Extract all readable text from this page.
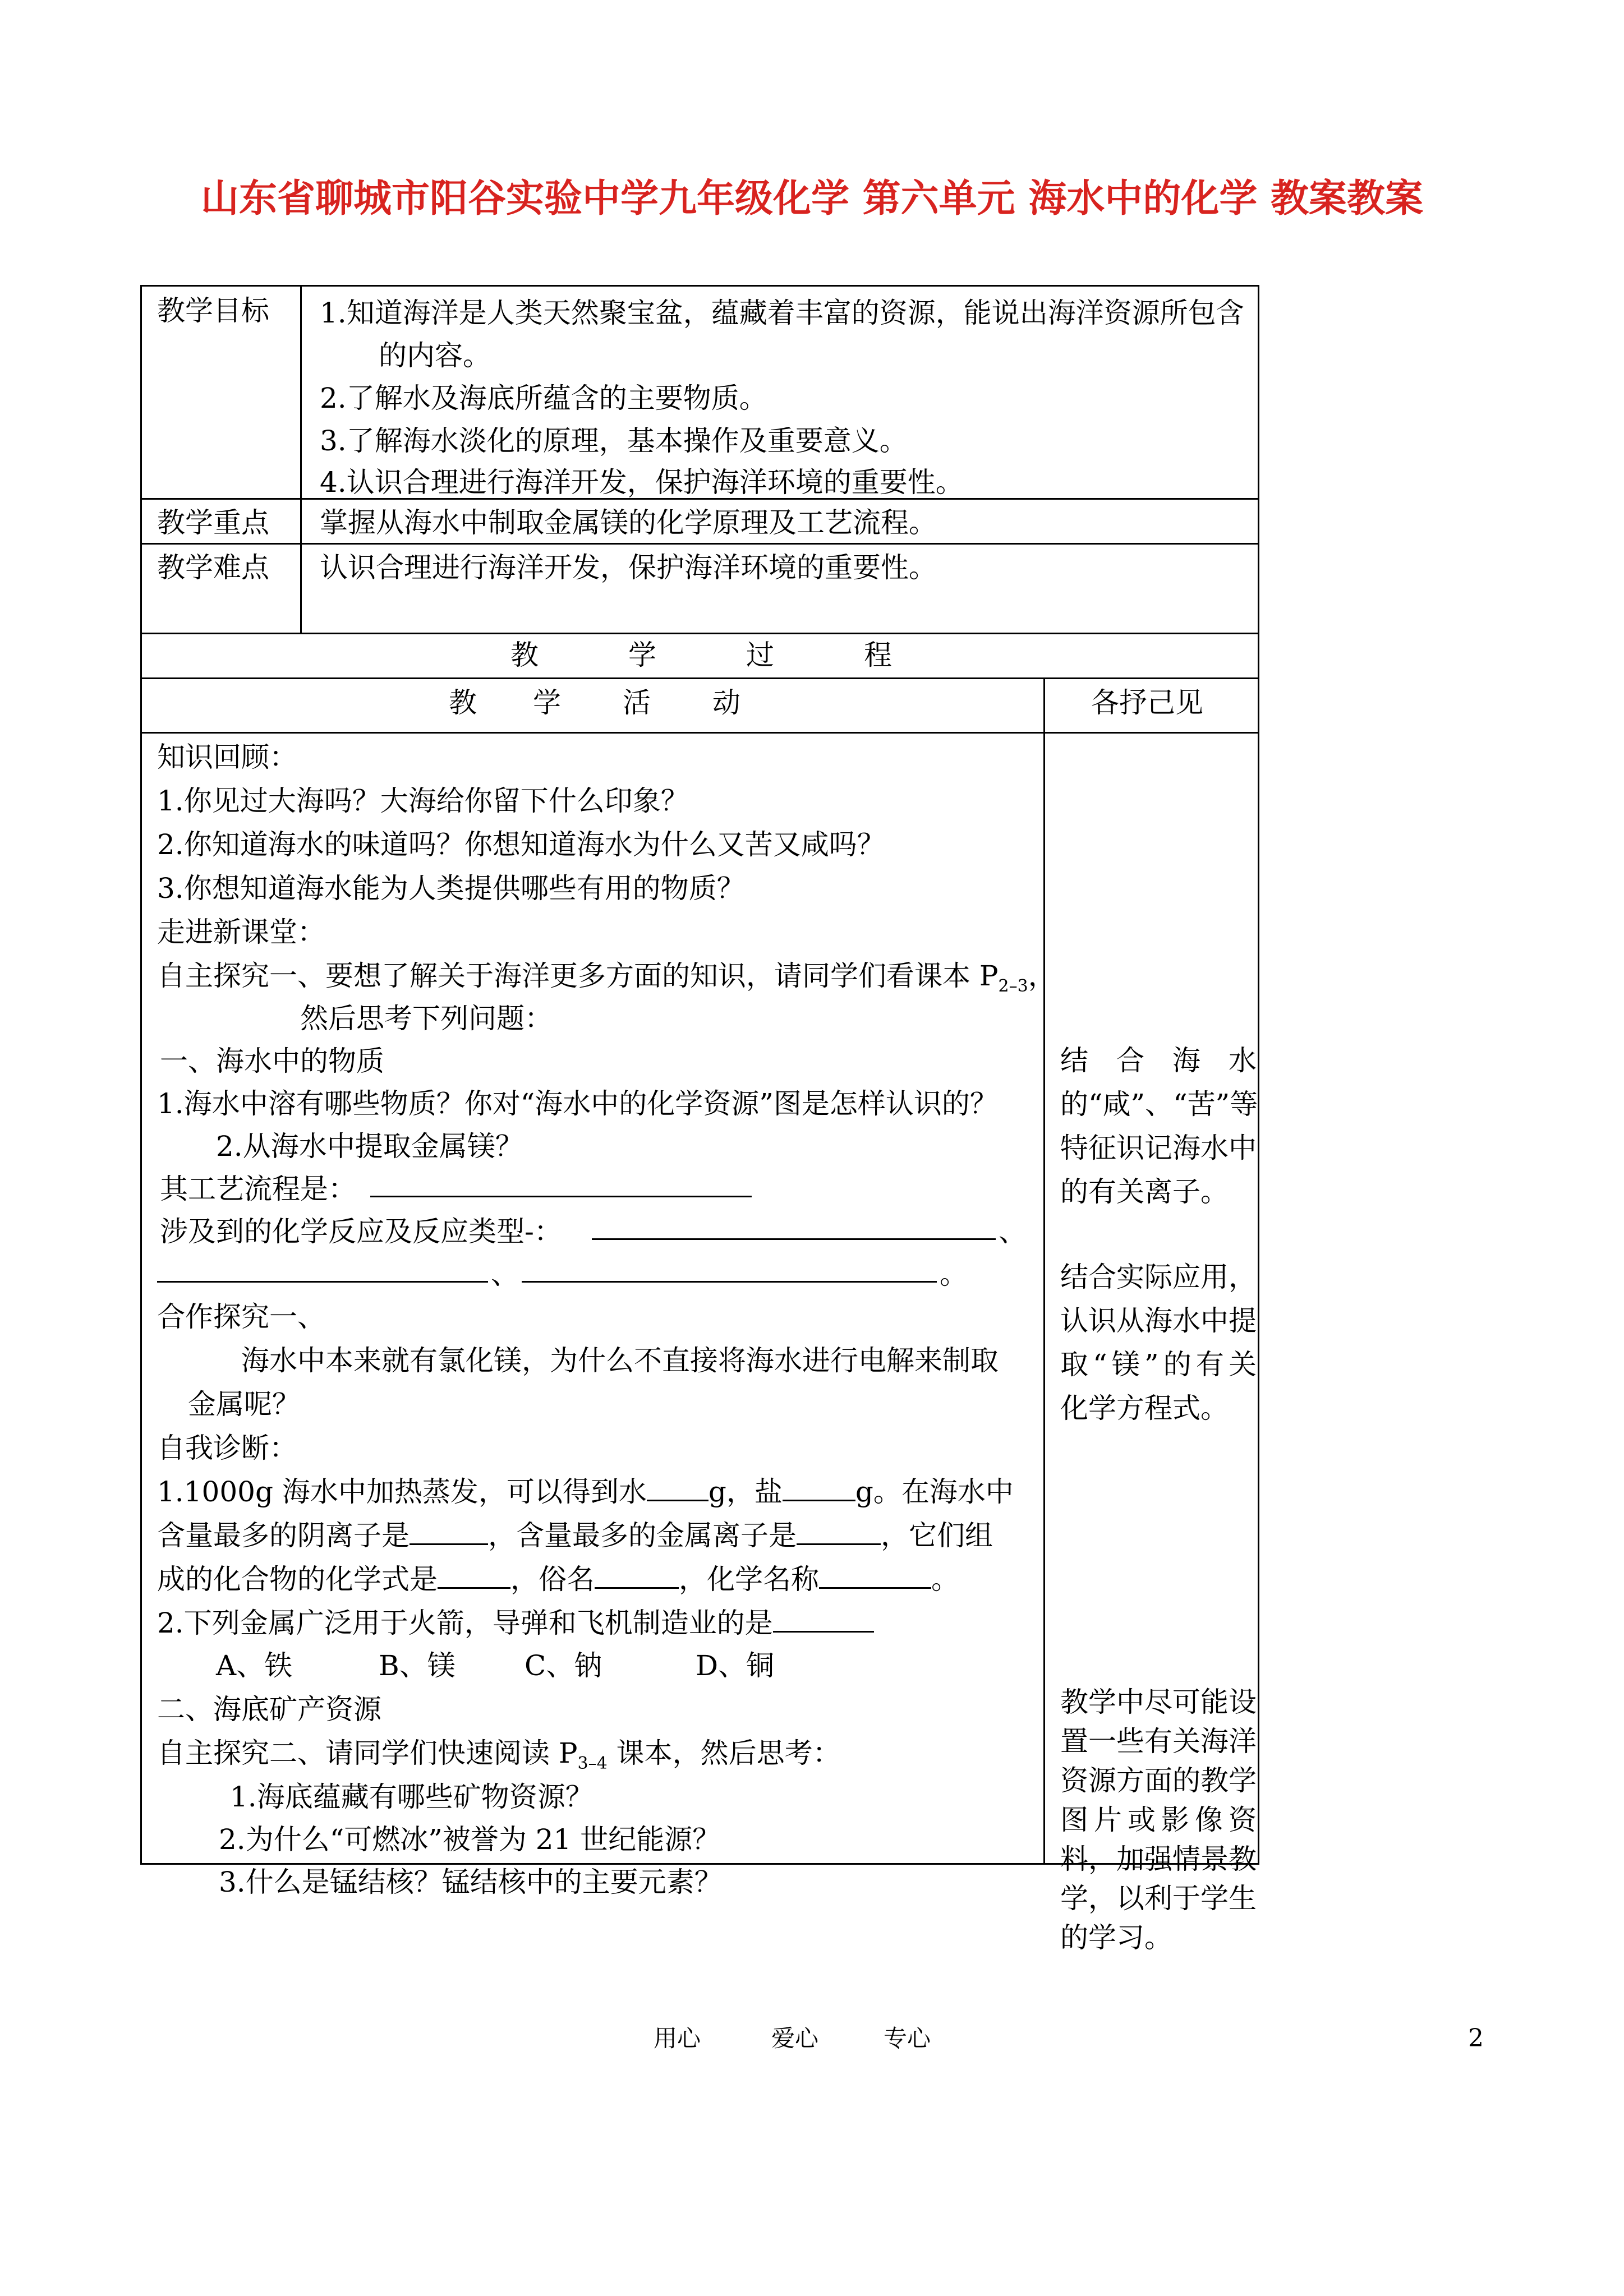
山东省聊城市阳谷实验中学九年级化学 第六单元 海水中的化学 教案教案
教学目标 1.知道海洋是人类天然聚宝盆，蕴藏着丰富的资源，能说出海洋资源所包含
的内容。
2.了解水及海底所蕴含的主要物质。
3.了解海水淡化的原理，基本操作及重要意义。
4.认识合理进行海洋开发，保护海洋环境的重要性。
教学重点 掌握从海水中制取金属镁的化学原理及工艺流程。
教学难点 认识合理进行海洋开发，保护海洋环境的重要性。
教	学	过	程
教 学 活 动	各抒己见
知识回顾：
1.你见过大海吗？大海给你留下什么印象？
2.你知道海水的味道吗？你想知道海水为什么又苦又咸吗？
3.你想知道海水能为人类提供哪些有用的物质？
走进新课堂：
自主探究一、要想了解关于海洋更多方面的知识，请同学们看课本 $P_{2-3}$，
然后思考下列问题：
一、海水中的物质
1.海水中溶有哪些物质？你对“海水中的化学资源”图是怎样认识的？
2.从海水中提取金属镁？
其工艺流程是：
涉及到的化学反应及反应类型-：	、
、	。
合作探究一、
海水中本来就有氯化镁，为什么不直接将海水进行电解来制取
金属呢？
自我诊断：
1.1000g 海水中加热蒸发，可以得到水 g，盐	g。在海水中
含量最多的阴离子是	，含量最多的金属离子是	，它们组
成的化合物的化学式是	，俗名	，化学名称	。
2.下列金属广泛用于火箭，导弹和飞机制造业的是
A、铁	B、镁 C、钠	D、铜
二、海底矿产资源
自主探究二、请同学们快速阅读 $P_{3-4}$ 课本，然后思考：
1.海底蕴藏有哪些矿物资源？
2.为什么“可燃冰”被誉为 21 世纪能源？
3.什么是锰结核？锰结核中的主要元素？
结合海水的“咸”、“苦”等特征识记海水中的有关离子。
结合实际应用，认识从海水中提取“镁”的有关化学方程式。
教学中尽可能设置一些有关海洋资源方面的教学图片或影像资料，加强情景教学，以利于学生的学习。
用心	爱心	专心	2
